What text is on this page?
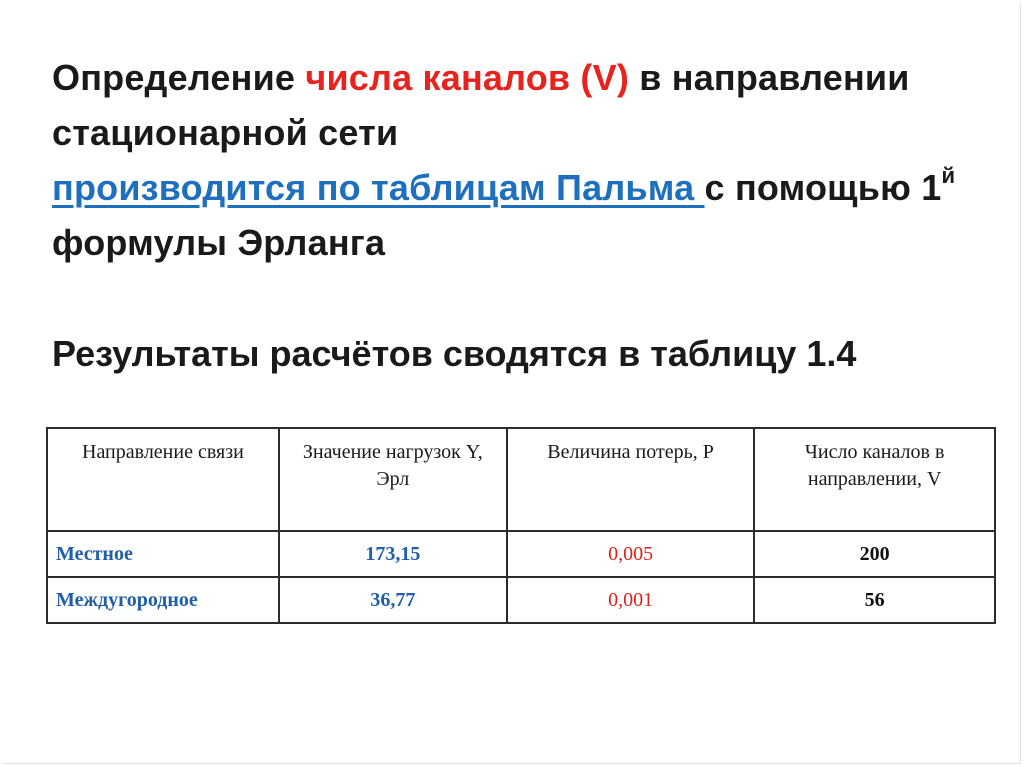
Определение числа каналов (V) в направлении стационарной сети
производится по таблицам Пальма с помощью $1^й$ формулы Эрланга
Результаты расчётов сводятся в таблицу 1.4
Направление связи	Значение нагрузок Y, Эрл	Величина потерь, P	Число каналов в направлении, V
Местное	173,15	0,005	200
Междугородное	36,77	0,001	56
